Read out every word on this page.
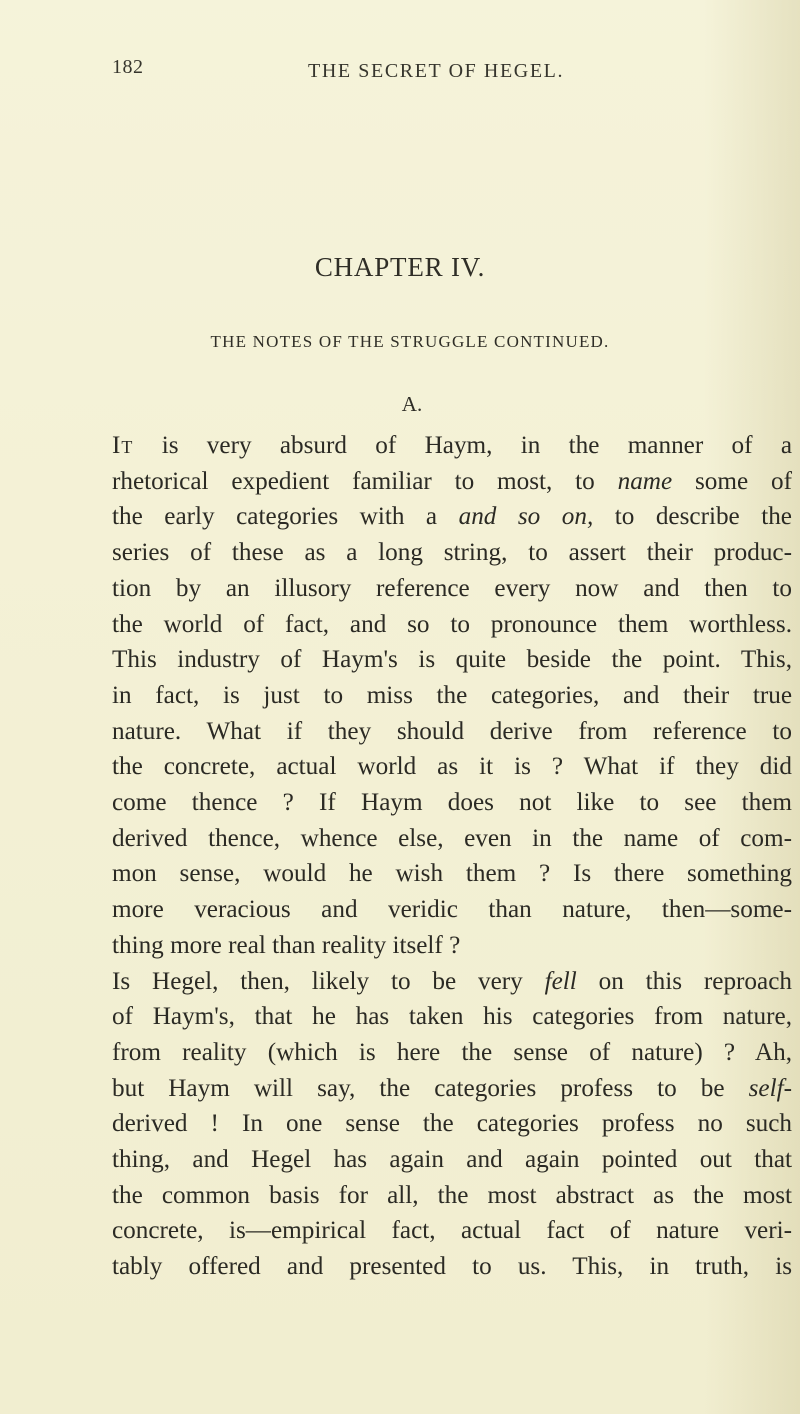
182	THE SECRET OF HEGEL.
CHAPTER IV.
THE NOTES OF THE STRUGGLE CONTINUED.
A.
It is very absurd of Haym, in the manner of a
rhetorical expedient familiar to most, to name some of
the early categories with a and so on, to describe the
series of these as a long string, to assert their produc-
tion by an illusory reference every now and then to
the world of fact, and so to pronounce them worthless.
This industry of Haym's is quite beside the point. This,
in fact, is just to miss the categories, and their true
nature. What if they should derive from reference to
the concrete, actual world as it is ? What if they did
come thence ? If Haym does not like to see them
derived thence, whence else, even in the name of com-
mon sense, would he wish them ? Is there something
more veracious and veridic than nature, then—some-
thing more real than reality itself ?
Is Hegel, then, likely to be very fell on this reproach
of Haym's, that he has taken his categories from nature,
from reality (which is here the sense of nature) ? Ah,
but Haym will say, the categories profess to be self-
derived ! In one sense the categories profess no such
thing, and Hegel has again and again pointed out that
the common basis for all, the most abstract as the most
concrete, is—empirical fact, actual fact of nature veri-
tably offered and presented to us. This, in truth, is
